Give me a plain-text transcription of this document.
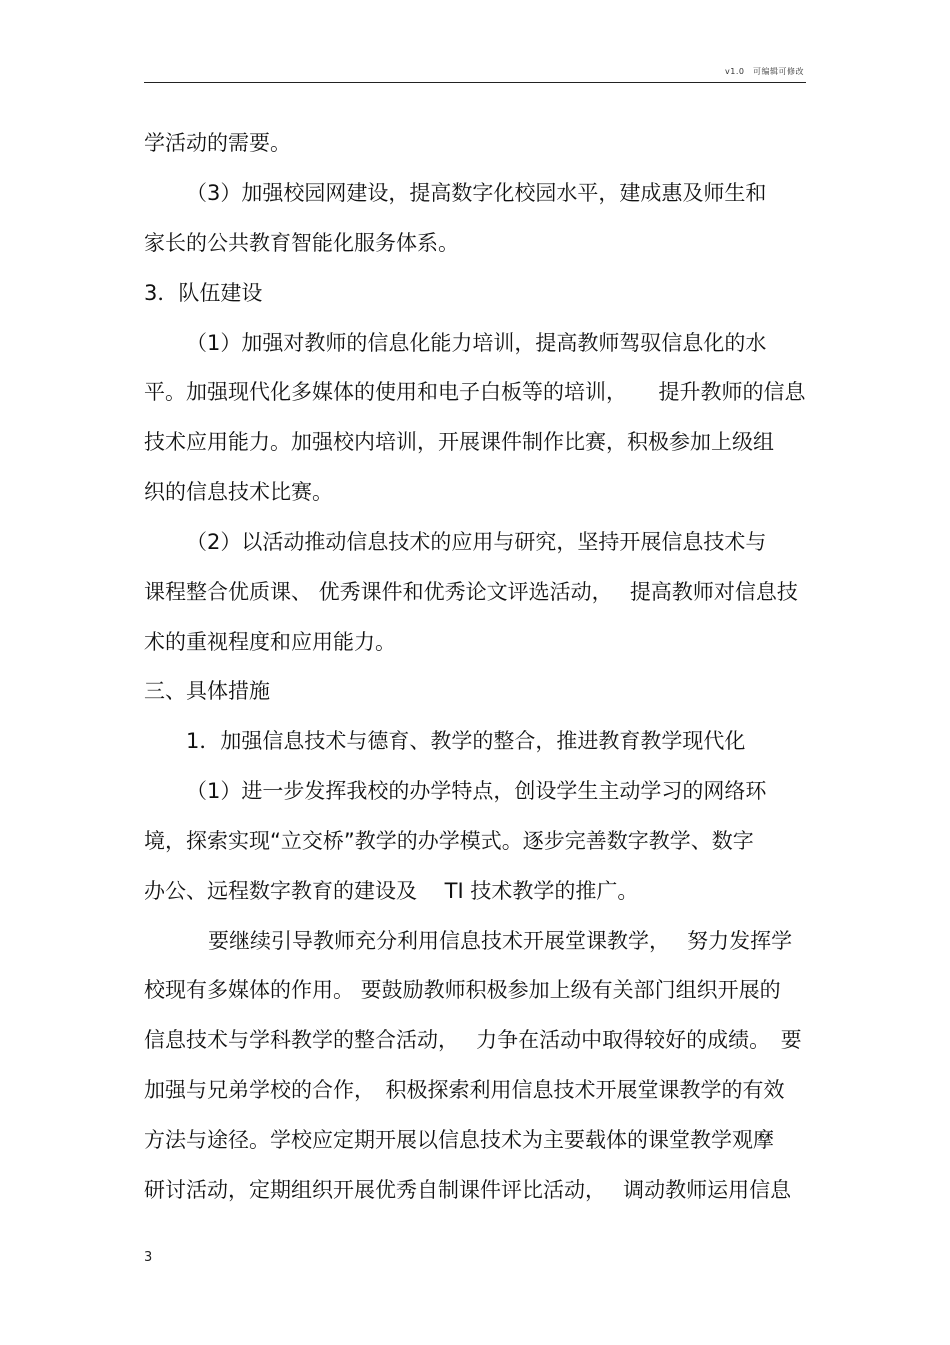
v1.0　可编辑可修改
学活动的需要。
（3）加强校园网建设，提高数字化校园水平，建成惠及师生和
家长的公共教育智能化服务体系。
3．队伍建设
（1）加强对教师的信息化能力培训，提高教师驾驭信息化的水
平。加强现代化多媒体的使用和电子白板等的培训，　　提升教师的信息
技术应用能力。加强校内培训，开展课件制作比赛，积极参加上级组
织的信息技术比赛。
（2）以活动推动信息技术的应用与研究，坚持开展信息技术与
课程整合优质课、 优秀课件和优秀论文评选活动，　 提高教师对信息技
术的重视程度和应用能力。
三、具体措施
1．加强信息技术与德育、教学的整合，推进教育教学现代化
（1）进一步发挥我校的办学特点，创设学生主动学习的网络环
境，探索实现“立交桥”教学的办学模式。逐步完善数字教学、数字
办公、远程数字教育的建设及　 TI 技术教学的推广。
要继续引导教师充分利用信息技术开展堂课教学，　 努力发挥学
校现有多媒体的作用。 要鼓励教师积极参加上级有关部门组织开展的
信息技术与学科教学的整合活动，　 力争在活动中取得较好的成绩。　要
加强与兄弟学校的合作，　积极探索利用信息技术开展堂课教学的有效
方法与途径。学校应定期开展以信息技术为主要载体的课堂教学观摩
研讨活动，定期组织开展优秀自制课件评比活动，　 调动教师运用信息
3
